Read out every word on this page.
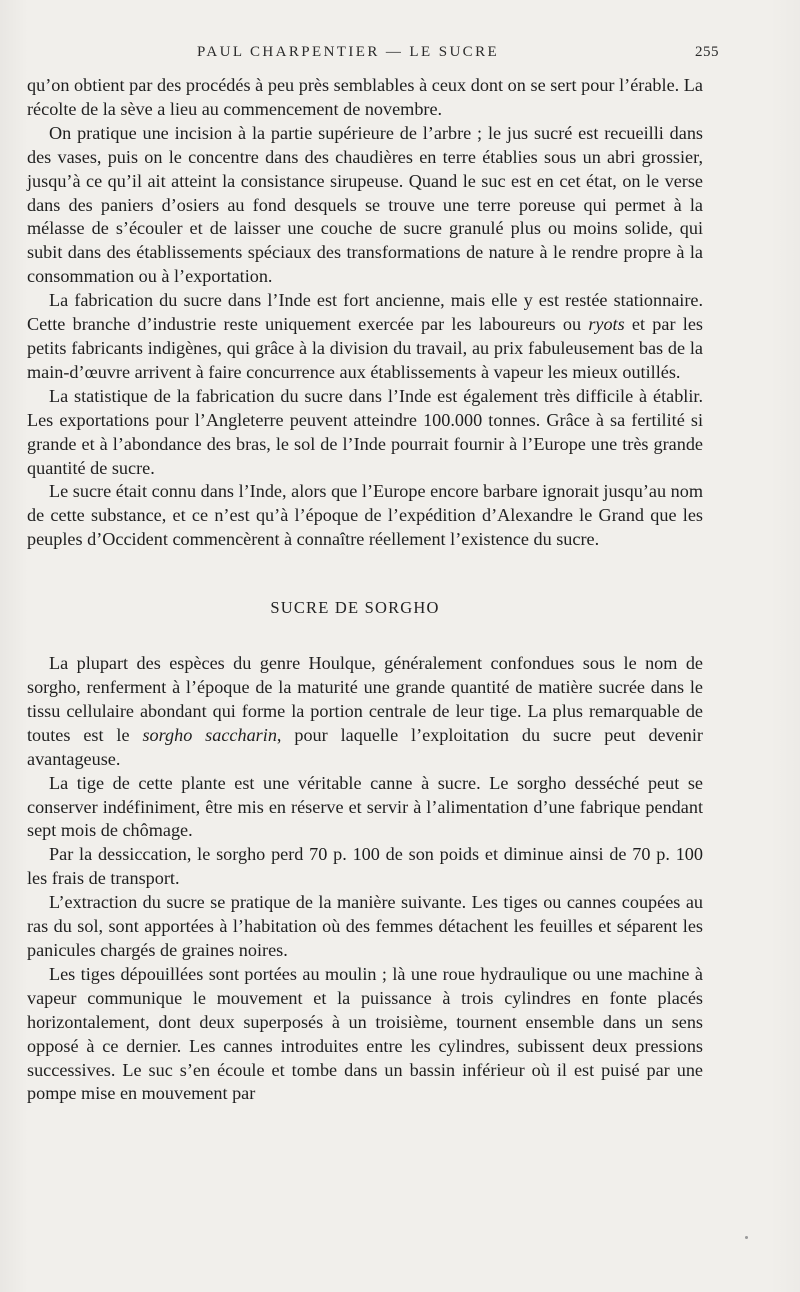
PAUL CHARPENTIER — LE SUCRE	255

qu’on obtient par des procédés à peu près semblables à ceux dont on se sert pour l’érable. La récolte de la sève a lieu au commencement de novembre.

On pratique une incision à la partie supérieure de l’arbre ; le jus sucré est recueilli dans des vases, puis on le concentre dans des chaudières en terre établies sous un abri grossier, jusqu’à ce qu’il ait atteint la consistance sirupeuse. Quand le suc est en cet état, on le verse dans des paniers d’osiers au fond desquels se trouve une terre poreuse qui permet à la mélasse de s’écouler et de laisser une couche de sucre granulé plus ou moins solide, qui subit dans des établissements spéciaux des transformations de nature à le rendre propre à la consommation ou à l’exportation.

La fabrication du sucre dans l’Inde est fort ancienne, mais elle y est restée stationnaire. Cette branche d’industrie reste uniquement exercée par les laboureurs ou ryots et par les petits fabricants indigènes, qui grâce à la division du travail, au prix fabuleusement bas de la main-d’œuvre arrivent à faire concurrence aux établissements à vapeur les mieux outillés.

La statistique de la fabrication du sucre dans l’Inde est également très difficile à établir. Les exportations pour l’Angleterre peuvent atteindre 100.000 tonnes. Grâce à sa fertilité si grande et à l’abondance des bras, le sol de l’Inde pourrait fournir à l’Europe une très grande quantité de sucre.

Le sucre était connu dans l’Inde, alors que l’Europe encore barbare ignorait jusqu’au nom de cette substance, et ce n’est qu’à l’époque de l’expédition d’Alexandre le Grand que les peuples d’Occident commencèrent à connaître réellement l’existence du sucre.

SUCRE DE SORGHO

La plupart des espèces du genre Houlque, généralement confondues sous le nom de sorgho, renferment à l’époque de la maturité une grande quantité de matière sucrée dans le tissu cellulaire abondant qui forme la portion centrale de leur tige. La plus remarquable de toutes est le sorgho saccharin, pour laquelle l’exploitation du sucre peut devenir avantageuse.

La tige de cette plante est une véritable canne à sucre. Le sorgho desséché peut se conserver indéfiniment, être mis en réserve et servir à l’alimentation d’une fabrique pendant sept mois de chômage.

Par la dessiccation, le sorgho perd 70 p. 100 de son poids et diminue ainsi de 70 p. 100 les frais de transport.

L’extraction du sucre se pratique de la manière suivante. Les tiges ou cannes coupées au ras du sol, sont apportées à l’habitation où des femmes détachent les feuilles et séparent les panicules chargés de graines noires.

Les tiges dépouillées sont portées au moulin ; là une roue hydraulique ou une machine à vapeur communique le mouvement et la puissance à trois cylindres en fonte placés horizontalement, dont deux superposés à un troisième, tournent ensemble dans un sens opposé à ce dernier. Les cannes introduites entre les cylindres, subissent deux pressions successives. Le suc s’en écoule et tombe dans un bassin inférieur où il est puisé par une pompe mise en mouvement par
